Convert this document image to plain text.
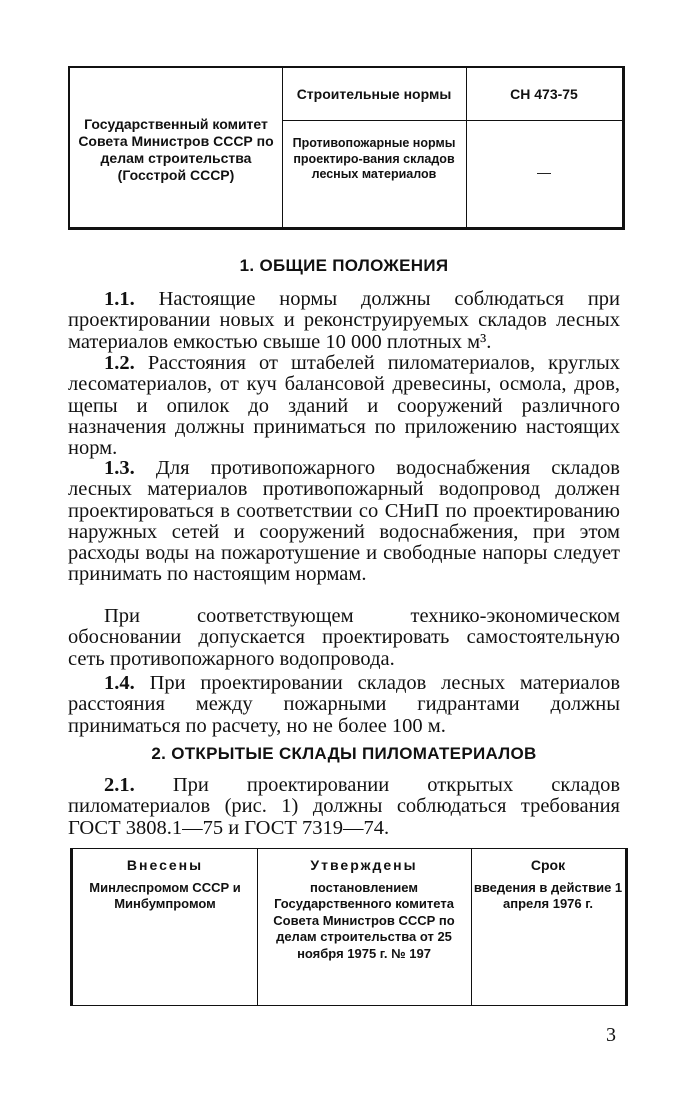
Государственный комитет Совета Министров СССР по делам строительства (Госстрой СССР)
Строительные нормы	СН 473-75
Противопожарные нормы проектиро-вания складов лесных материалов	—
1. ОБЩИЕ ПОЛОЖЕНИЯ
1.1. Настоящие нормы должны соблюдаться при проектировании новых и реконструируемых складов лесных материалов емкостью свыше 10 000 плотных м³.
1.2. Расстояния от штабелей пиломатериалов, круглых лесоматериалов, от куч балансовой древесины, осмола, дров, щепы и опилок до зданий и сооружений различного назначения должны приниматься по приложению настоящих норм.
1.3. Для противопожарного водоснабжения складов лесных материалов противопожарный водопровод должен проектироваться в соответствии со СНиП по проектированию наружных сетей и сооружений водоснабжения, при этом расходы воды на пожаротушение и свободные напоры следует принимать по настоящим нормам.
При соответствующем технико-экономическом обосновании допускается проектировать самостоятельную сеть противопожарного водопровода.
1.4. При проектировании складов лесных материалов расстояния между пожарными гидрантами должны приниматься по расчету, но не более 100 м.
2. ОТКРЫТЫЕ СКЛАДЫ ПИЛОМАТЕРИАЛОВ
2.1. При проектировании открытых складов пиломатериалов (рис. 1) должны соблюдаться требования ГОСТ 3808.1—75 и ГОСТ 7319—74.
Внесены
Минлеспромом СССР и Минбумпромом
Утверждены
постановлением Государственного комитета Совета Министров СССР по делам строительства от 25 ноября 1975 г. № 197
Срок
введения в действие 1 апреля 1976 г.
3
